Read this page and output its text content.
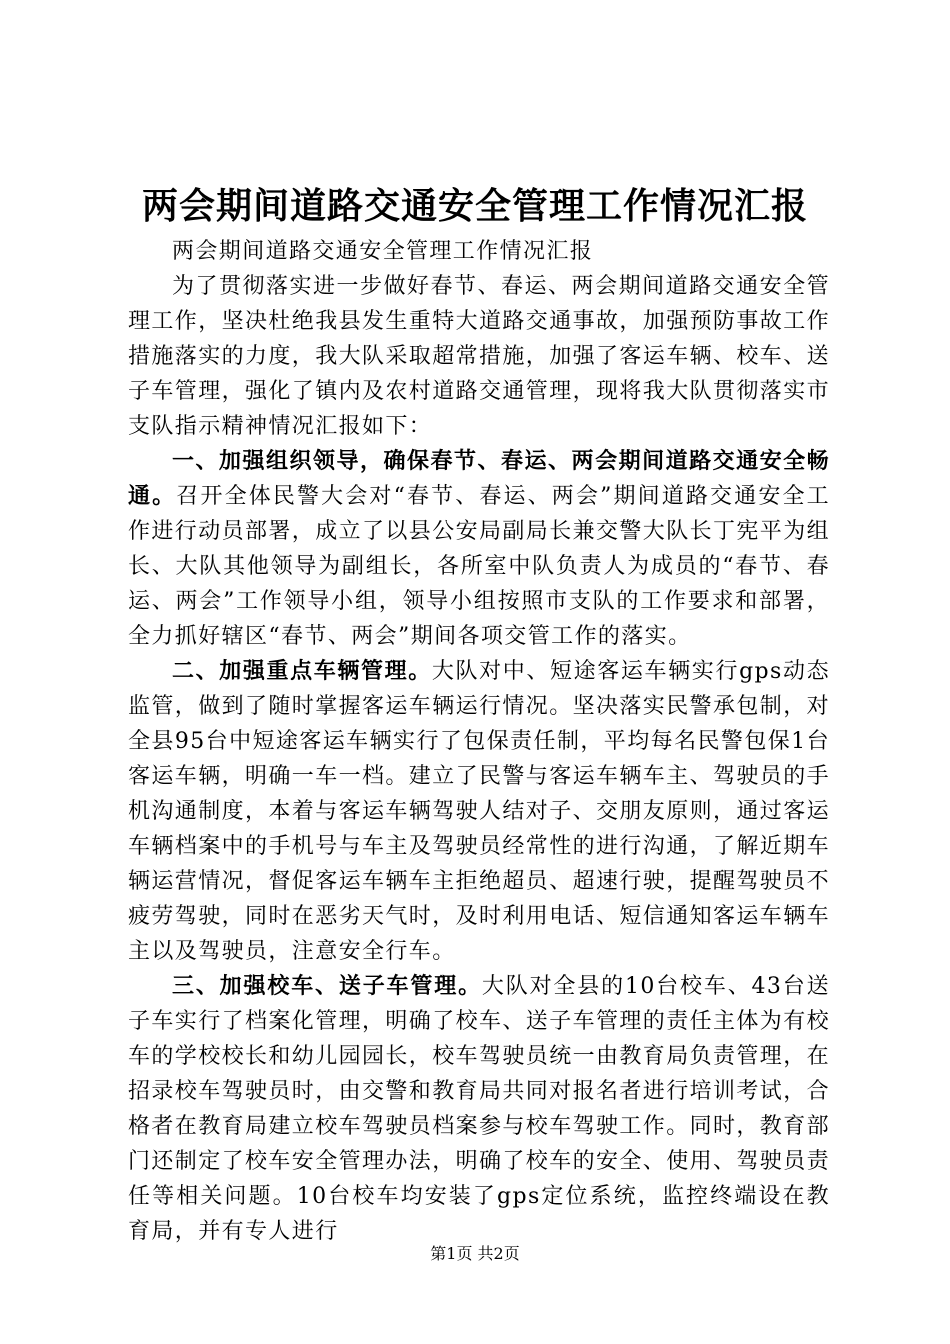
两会期间道路交通安全管理工作情况汇报

两会期间道路交通安全管理工作情况汇报

为了贯彻落实进一步做好春节、春运、两会期间道路交通安全管理工作，坚决杜绝我县发生重特大道路交通事故，加强预防事故工作措施落实的力度，我大队采取超常措施，加强了客运车辆、校车、送子车管理，强化了镇内及农村道路交通管理，现将我大队贯彻落实市支队指示精神情况汇报如下：

一、加强组织领导，确保春节、春运、两会期间道路交通安全畅通。召开全体民警大会对“春节、春运、两会”期间道路交通安全工作进行动员部署，成立了以县公安局副局长兼交警大队长丁宪平为组长、大队其他领导为副组长，各所室中队负责人为成员的“春节、春运、两会”工作领导小组，领导小组按照市支队的工作要求和部署，全力抓好辖区“春节、两会”期间各项交管工作的落实。

二、加强重点车辆管理。大队对中、短途客运车辆实行gps动态监管，做到了随时掌握客运车辆运行情况。坚决落实民警承包制，对全县95台中短途客运车辆实行了包保责任制，平均每名民警包保1台客运车辆，明确一车一档。建立了民警与客运车辆车主、驾驶员的手机沟通制度，本着与客运车辆驾驶人结对子、交朋友原则，通过客运车辆档案中的手机号与车主及驾驶员经常性的进行沟通，了解近期车辆运营情况，督促客运车辆车主拒绝超员、超速行驶，提醒驾驶员不疲劳驾驶，同时在恶劣天气时，及时利用电话、短信通知客运车辆车主以及驾驶员，注意安全行车。

三、加强校车、送子车管理。大队对全县的10台校车、43台送子车实行了档案化管理，明确了校车、送子车管理的责任主体为有校车的学校校长和幼儿园园长，校车驾驶员统一由教育局负责管理，在招录校车驾驶员时，由交警和教育局共同对报名者进行培训考试，合格者在教育局建立校车驾驶员档案参与校车驾驶工作。同时，教育部门还制定了校车安全管理办法，明确了校车的安全、使用、驾驶员责任等相关问题。10台校车均安装了gps定位系统，监控终端设在教育局，并有专人进行

第1页 共2页
